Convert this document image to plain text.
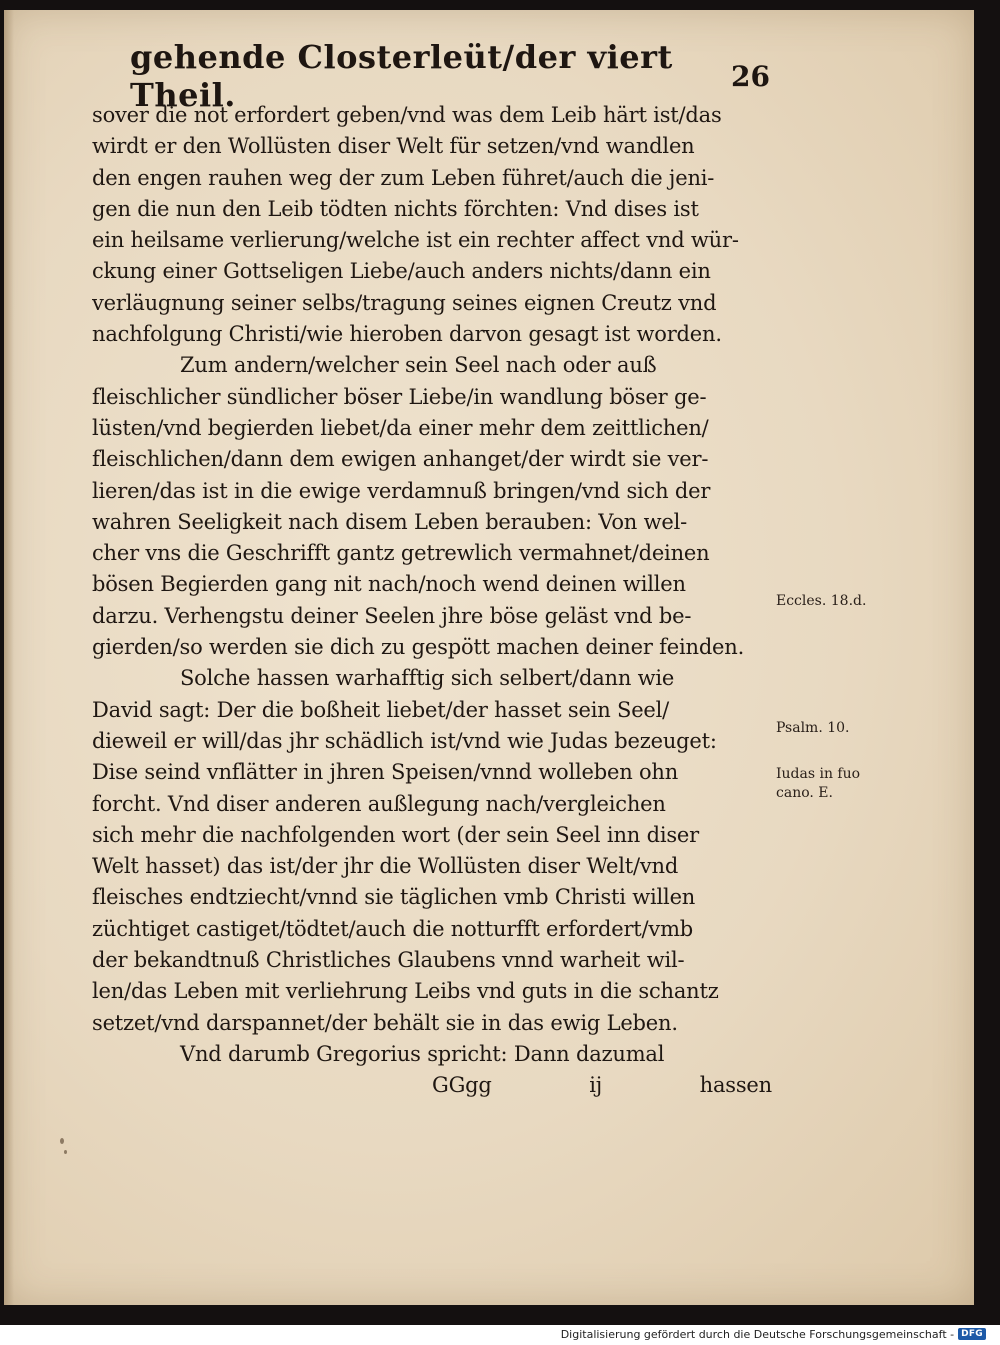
gehende Closterleüt/der viert Theil.	26
sover die not erfordert geben/vnd was dem Leib härt ist/das
wirdt er den Wollüsten diser Welt für setzen/vnd wandlen
den engen rauhen weg der zum Leben führet/auch die jeni-
gen die nun den Leib tödten nichts förchten: Vnd dises ist
ein heilsame verlierung/welche ist ein rechter affect vnd wür-
ckung einer Gottseligen Liebe/auch anders nichts/dann ein
verläugnung seiner selbs/tragung seines eignen Creutz vnd
nachfolgung Christi/wie hieroben darvon gesagt ist worden.
Zum andern/welcher sein Seel nach oder auß
fleischlicher sündlicher böser Liebe/in wandlung böser ge-
lüsten/vnd begierden liebet/da einer mehr dem zeittlichen/
fleischlichen/dann dem ewigen anhanget/der wirdt sie ver-
lieren/das ist in die ewige verdamnuß bringen/vnd sich der
wahren Seeligkeit nach disem Leben berauben: Von wel-
cher vns die Geschrifft gantz getrewlich vermahnet/deinen
bösen Begierden gang nit nach/noch wend deinen willen
darzu. Verhengstu deiner Seelen jhre böse geläst vnd be-
gierden/so werden sie dich zu gespött machen deiner feinden.
Solche hassen warhafftig sich selbert/dann wie
David sagt: Der die boßheit liebet/der hasset sein Seel/
dieweil er will/das jhr schädlich ist/vnd wie Judas bezeuget:
Dise seind vnflätter in jhren Speisen/vnnd wolleben ohn
forcht. Vnd diser anderen außlegung nach/vergleichen
sich mehr die nachfolgenden wort (der sein Seel inn diser
Welt hasset) das ist/der jhr die Wollüsten diser Welt/vnd
fleisches endtziecht/vnnd sie täglichen vmb Christi willen
züchtiget castiget/tödtet/auch die notturfft erfordert/vmb
der bekandtnuß Christliches Glaubens vnnd warheit wil-
len/das Leben mit verliehrung Leibs vnd guts in die schantz
setzet/vnd darspannet/der behält sie in das ewig Leben.
Vnd darumb Gregorius spricht: Dann dazumal
GGgg	ij	hassen
Eccles. 18.d.
Psalm. 10.
Iudas in fuo
cano. E.
Digitalisierung gefördert durch die Deutsche Forschungsgemeinschaft - DFG
